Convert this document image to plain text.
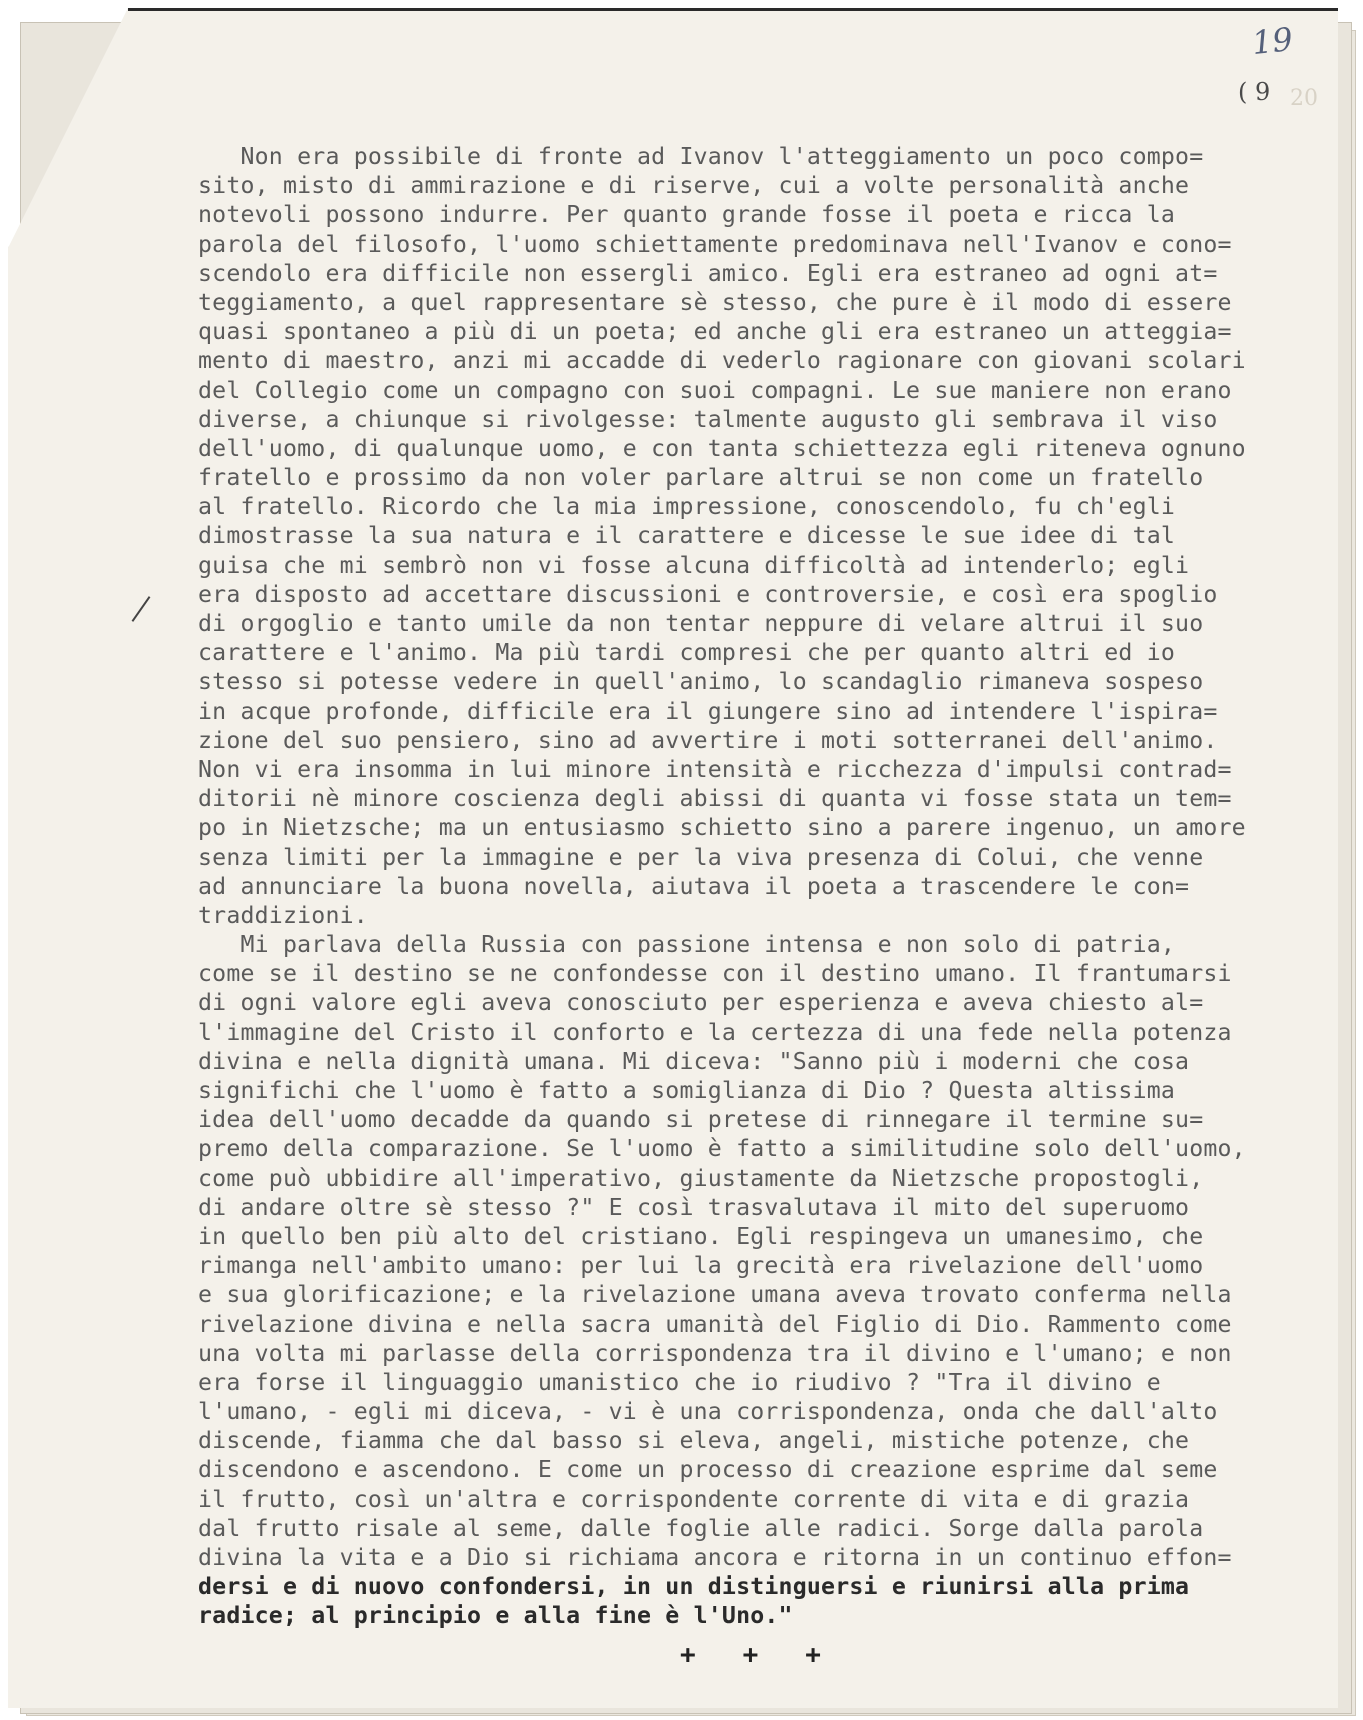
20
19
( 9
Non era possibile di fronte ad Ivanov l'atteggiamento un poco compo=
sito, misto di ammirazione e di riserve, cui a volte personalità anche
notevoli possono indurre. Per quanto grande fosse il poeta e ricca la
parola del filosofo, l'uomo schiettamente predominava nell'Ivanov e cono=
scendolo era difficile non essergli amico. Egli era estraneo ad ogni at=
teggiamento, a quel rappresentare sè stesso, che pure è il modo di essere
quasi spontaneo a più di un poeta; ed anche gli era estraneo un atteggia=
mento di maestro, anzi mi accadde di vederlo ragionare con giovani scolari
del Collegio come un compagno con suoi compagni. Le sue maniere non erano
diverse, a chiunque si rivolgesse: talmente augusto gli sembrava il viso
dell'uomo, di qualunque uomo, e con tanta schiettezza egli riteneva ognuno
fratello e prossimo da non voler parlare altrui se non come un fratello
al fratello. Ricordo che la mia impressione, conoscendolo, fu ch'egli
dimostrasse la sua natura e il carattere e dicesse le sue idee di tal
guisa che mi sembrò non vi fosse alcuna difficoltà ad intenderlo; egli
era disposto ad accettare discussioni e controversie, e così era spoglio
di orgoglio e tanto umile da non tentar neppure di velare altrui il suo
carattere e l'animo. Ma più tardi compresi che per quanto altri ed io
stesso si potesse vedere in quell'animo, lo scandaglio rimaneva sospeso
in acque profonde, difficile era il giungere sino ad intendere l'ispira=
zione del suo pensiero, sino ad avvertire i moti sotterranei dell'animo.
Non vi era insomma in lui minore intensità e ricchezza d'impulsi contrad=
ditorii nè minore coscienza degli abissi di quanta vi fosse stata un tem=
po in Nietzsche; ma un entusiasmo schietto sino a parere ingenuo, un amore
senza limiti per la immagine e per la viva presenza di Colui, che venne
ad annunciare la buona novella, aiutava il poeta a trascendere le con=
traddizioni.
Mi parlava della Russia con passione intensa e non solo di patria,
come se il destino se ne confondesse con il destino umano. Il frantumarsi
di ogni valore egli aveva conosciuto per esperienza e aveva chiesto al=
l'immagine del Cristo il conforto e la certezza di una fede nella potenza
divina e nella dignità umana. Mi diceva: "Sanno più i moderni che cosa
significhi che l'uomo è fatto a somiglianza di Dio ? Questa altissima
idea dell'uomo decadde da quando si pretese di rinnegare il termine su=
premo della comparazione. Se l'uomo è fatto a similitudine solo dell'uomo,
come può ubbidire all'imperativo, giustamente da Nietzsche propostogli,
di andare oltre sè stesso ?" E così trasvalutava il mito del superuomo
in quello ben più alto del cristiano. Egli respingeva un umanesimo, che
rimanga nell'ambito umano: per lui la grecità era rivelazione dell'uomo
e sua glorificazione; e la rivelazione umana aveva trovato conferma nella
rivelazione divina e nella sacra umanità del Figlio di Dio. Rammento come
una volta mi parlasse della corrispondenza tra il divino e l'umano; e non
era forse il linguaggio umanistico che io riudivo ? "Tra il divino e
l'umano, - egli mi diceva, - vi è una corrispondenza, onda che dall'alto
discende, fiamma che dal basso si eleva, angeli, mistiche potenze, che
discendono e ascendono. E come un processo di creazione esprime dal seme
il frutto, così un'altra e corrispondente corrente di vita e di grazia
dal frutto risale al seme, dalle foglie alle radici. Sorge dalla parola
divina la vita e a Dio si richiama ancora e ritorna in un continuo effon=
dersi e di nuovo confondersi, in un distinguersi e riunirsi alla prima
radice; al principio e alla fine è l'Uno."
+   +   +
